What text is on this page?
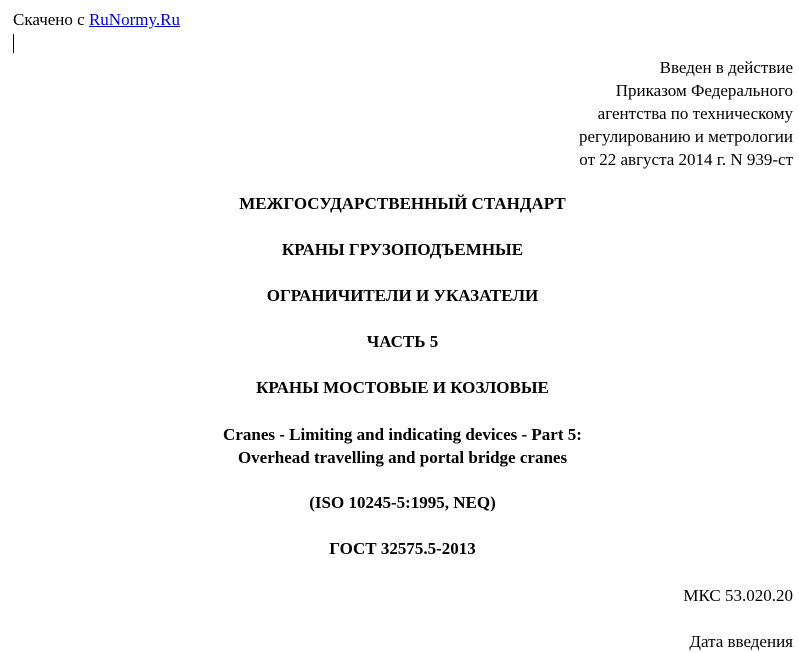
Скачено с RuNormy.Ru
Введен в действие
Приказом Федерального
агентства по техническому
регулированию и метрологии
от 22 августа 2014 г. N 939-ст
МЕЖГОСУДАРСТВЕННЫЙ СТАНДАРТ
КРАНЫ ГРУЗОПОДЪЕМНЫЕ
ОГРАНИЧИТЕЛИ И УКАЗАТЕЛИ
ЧАСТЬ 5
КРАНЫ МОСТОВЫЕ И КОЗЛОВЫЕ
Cranes - Limiting and indicating devices - Part 5:
Overhead travelling and portal bridge cranes
(ISO 10245-5:1995, NEQ)
ГОСТ 32575.5-2013
МКС 53.020.20
Дата введения
